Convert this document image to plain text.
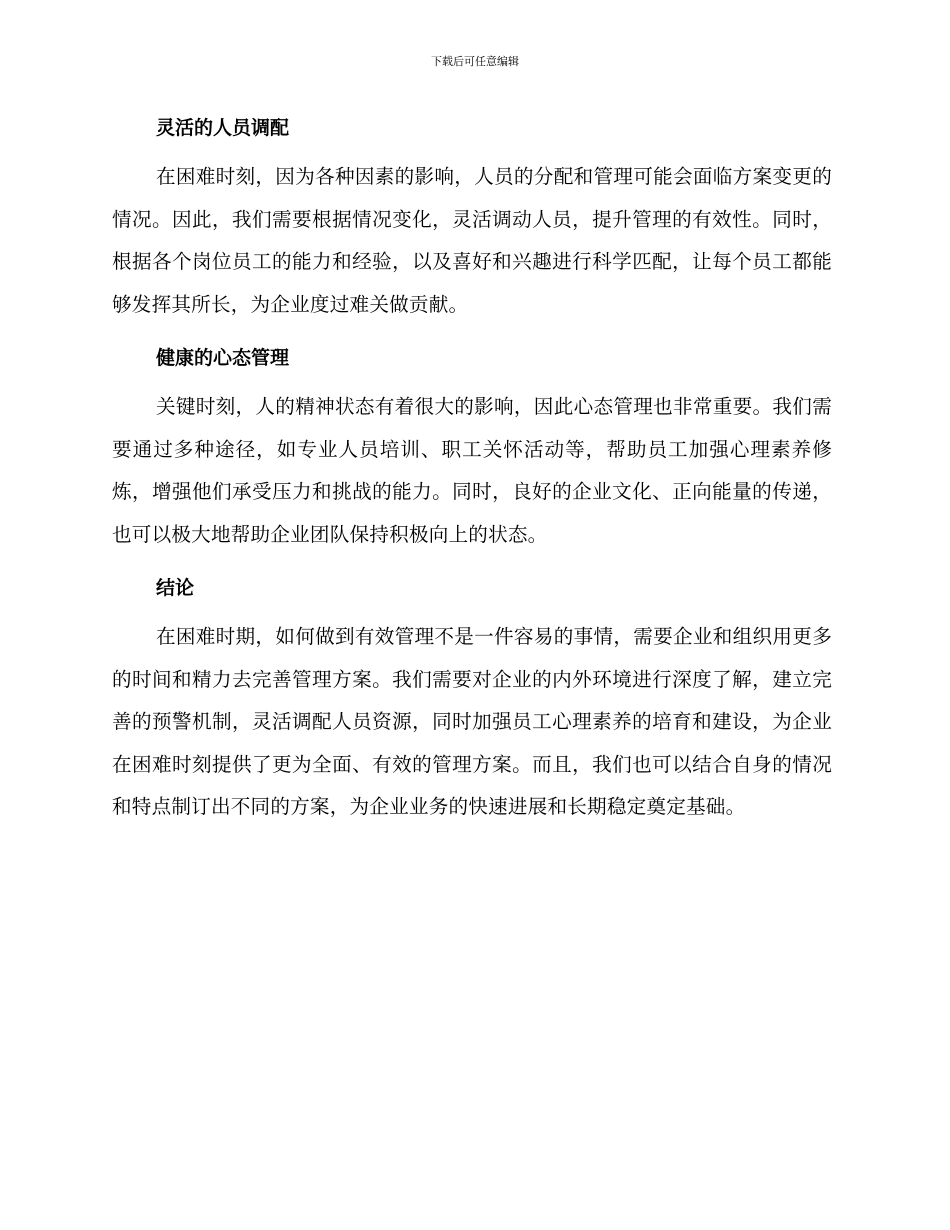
下载后可任意编辑
灵活的人员调配

在困难时刻，因为各种因素的影响，人员的分配和管理可能会面临方案变更的情况。因此，我们需要根据情况变化，灵活调动人员，提升管理的有效性。同时，根据各个岗位员工的能力和经验，以及喜好和兴趣进行科学匹配，让每个员工都能够发挥其所长，为企业度过难关做贡献。

健康的心态管理

关键时刻，人的精神状态有着很大的影响，因此心态管理也非常重要。我们需要通过多种途径，如专业人员培训、职工关怀活动等，帮助员工加强心理素养修炼，增强他们承受压力和挑战的能力。同时，良好的企业文化、正向能量的传递，也可以极大地帮助企业团队保持积极向上的状态。

结论

在困难时期，如何做到有效管理不是一件容易的事情，需要企业和组织用更多的时间和精力去完善管理方案。我们需要对企业的内外环境进行深度了解，建立完善的预警机制，灵活调配人员资源，同时加强员工心理素养的培育和建设，为企业在困难时刻提供了更为全面、有效的管理方案。而且，我们也可以结合自身的情况和特点制订出不同的方案，为企业业务的快速进展和长期稳定奠定基础。
